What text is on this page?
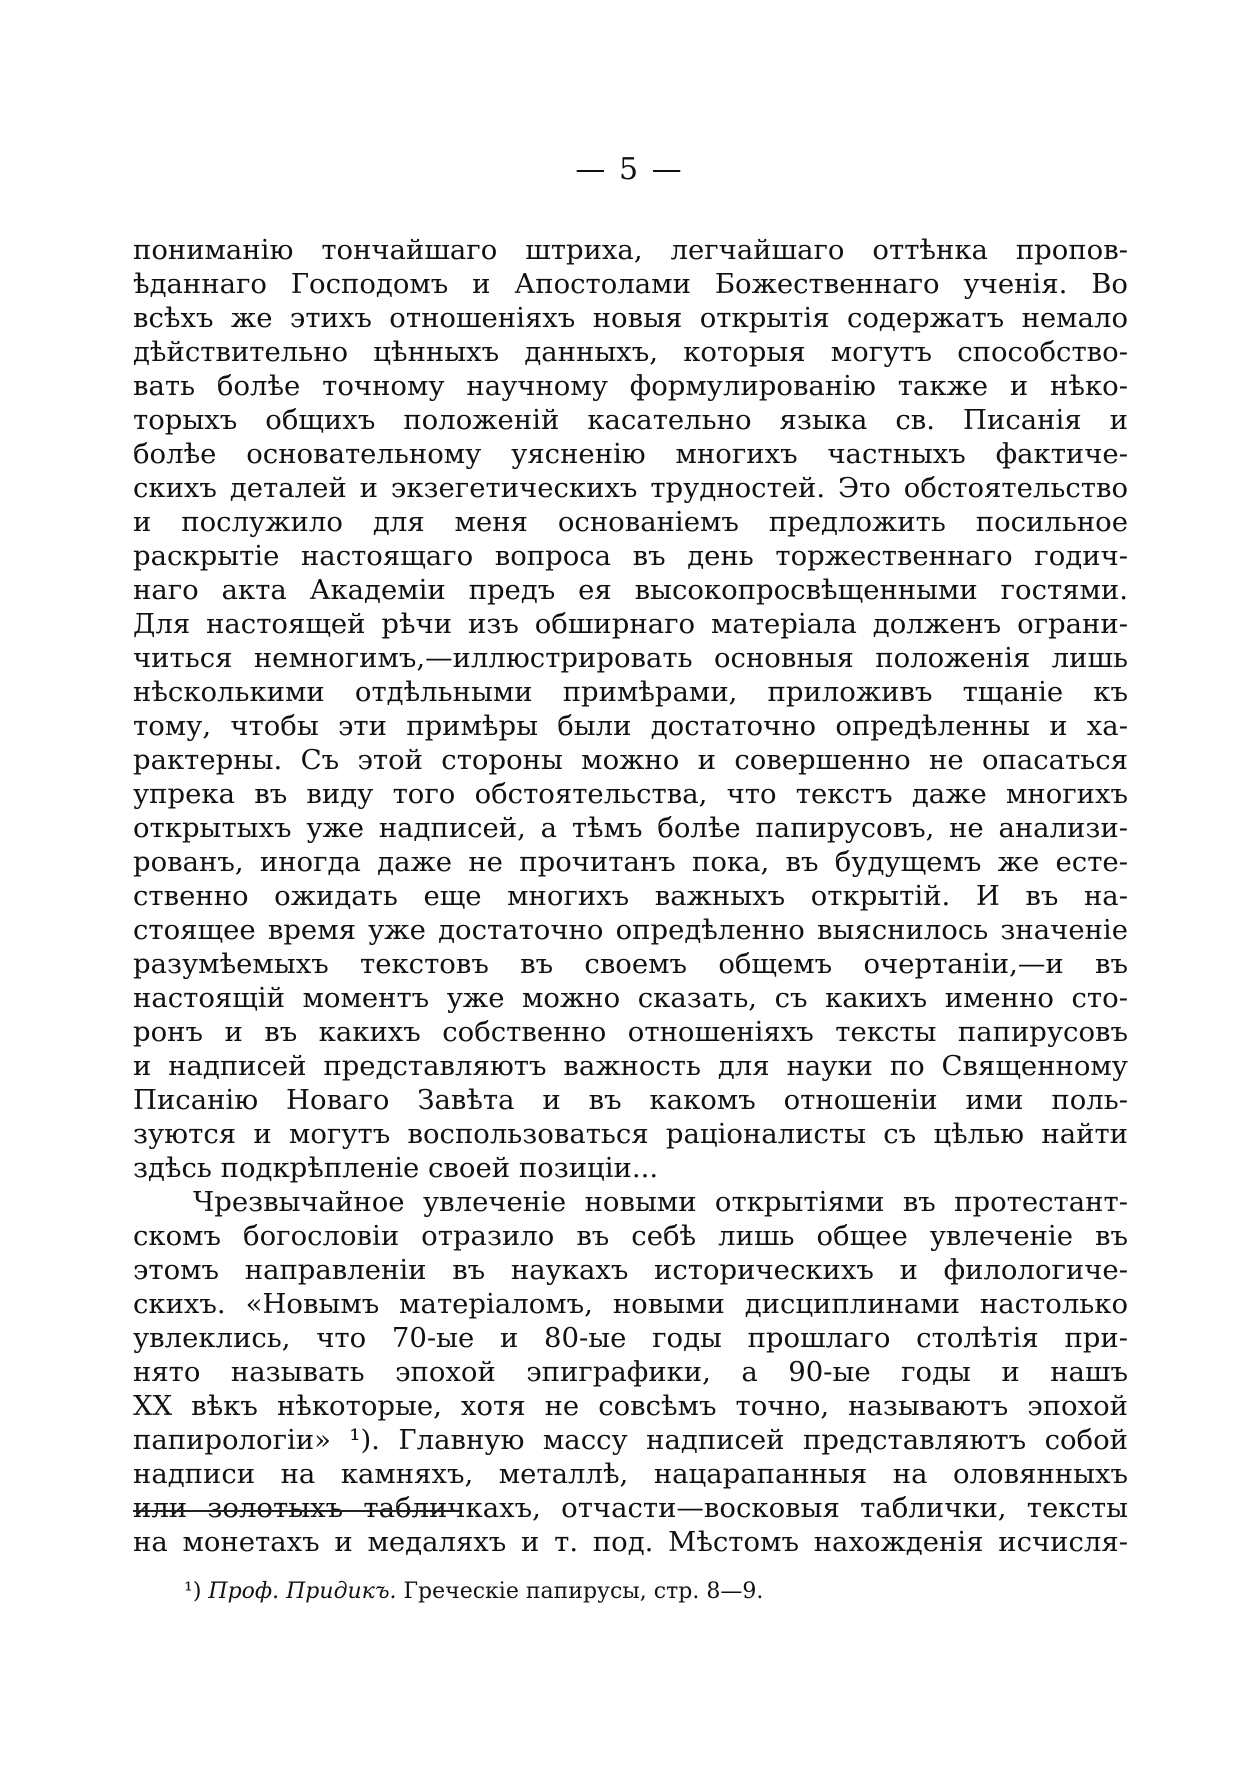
— 5 —
пониманію тончайшаго штриха, легчайшаго оттѣнка пропов-
ѣданнаго Господомъ и Апостолами Божественнаго ученія. Во
всѣхъ же этихъ отношеніяхъ новыя открытія содержатъ немало
дѣйствительно цѣнныхъ данныхъ, которыя могутъ способство-
вать болѣе точному научному формулированію также и нѣко-
торыхъ общихъ положеній касательно языка св. Писанія и
болѣе основательному уясненію многихъ частныхъ фактиче-
скихъ деталей и экзегетическихъ трудностей. Это обстоятельство
и послужило для меня основаніемъ предложить посильное
раскрытіе настоящаго вопроса въ день торжественнаго годич-
наго акта Академіи предъ ея высокопросвѣщенными гостями.
Для настоящей рѣчи изъ обширнаго матеріала долженъ ограни-
читься немногимъ,—иллюстрировать основныя положенія лишь
нѣсколькими отдѣльными примѣрами, приложивъ тщаніе къ
тому, чтобы эти примѣры были достаточно опредѣленны и ха-
рактерны. Съ этой стороны можно и совершенно не опасаться
упрека въ виду того обстоятельства, что текстъ даже многихъ
открытыхъ уже надписей, а тѣмъ болѣе папирусовъ, не анализи-
рованъ, иногда даже не прочитанъ пока, въ будущемъ же есте-
ственно ожидать еще многихъ важныхъ открытій. И въ на-
стоящее время уже достаточно опредѣленно выяснилось значеніе
разумѣемыхъ текстовъ въ своемъ общемъ очертаніи,—и въ
настоящій моментъ уже можно сказать, съ какихъ именно сто-
ронъ и въ какихъ собственно отношеніяхъ тексты папирусовъ
и надписей представляютъ важность для науки по Священному
Писанію Новаго Завѣта и въ какомъ отношеніи ими поль-
зуются и могутъ воспользоваться раціоналисты съ цѣлью найти
здѣсь подкрѣпленіе своей позиціи...
Чрезвычайное увлеченіе новыми открытіями въ протестант-
скомъ богословіи отразило въ себѣ лишь общее увлеченіе въ
этомъ направленіи въ наукахъ историческихъ и филологиче-
скихъ. «Новымъ матеріаломъ, новыми дисциплинами настолько
увлеклись, что 70-ые и 80-ые годы прошлаго столѣтія при-
нято называть эпохой эпиграфики, а 90-ые годы и нашъ
XX вѣкъ нѣкоторые, хотя не совсѣмъ точно, называютъ эпохой
папирологіи» ¹). Главную массу надписей представляютъ собой
надписи на камняхъ, металлѣ, нацарапанныя на оловянныхъ
или золотыхъ табличкахъ, отчасти—восковыя таблички, тексты
на монетахъ и медаляхъ и т. под. Мѣстомъ нахожденія исчисля-
¹) Проф. Придикъ. Греческіе папирусы, стр. 8—9.
